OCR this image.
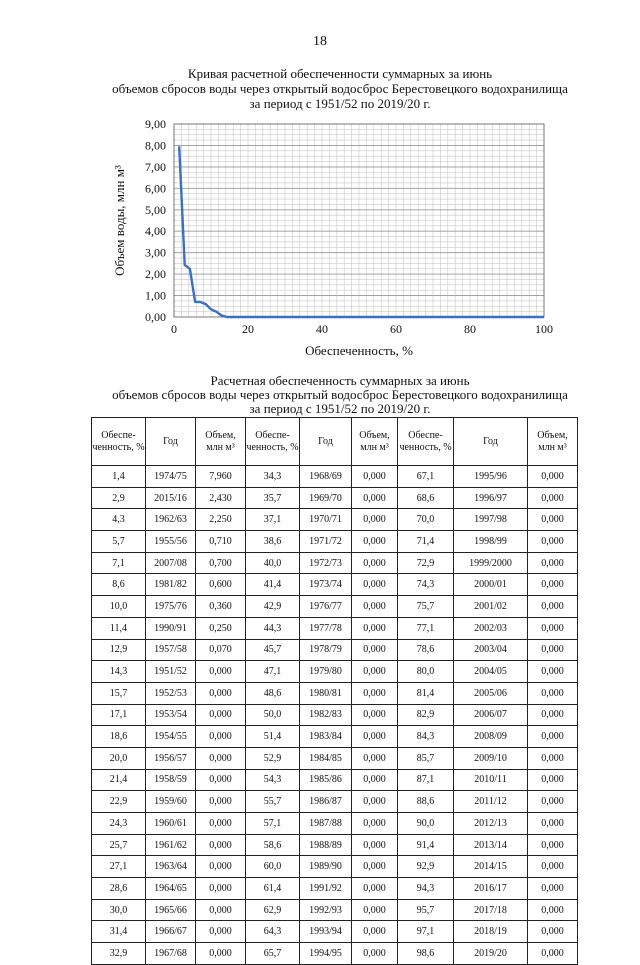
18
Кривая расчетной обеспеченности суммарных за июнь
объемов сбросов воды через открытый водосброс Берестовецкого водохранилища
за период с 1951/52 по 2019/20 г.
0,00
1,00
2,00
3,00
4,00
5,00
6,00
7,00
8,00
9,00
0	20	40	60	80	100
Обеспеченность, %
Объем воды, млн м³
Расчетная обеспеченность суммарных за июнь
объемов сбросов воды через открытый водосброс Берестовецкого водохранилища
за период с 1951/52 по 2019/20 г.
Обеспе-ченность, %	Год	Объем, млн м³	Обеспе-ченность, %	Год	Объем, млн м³	Обеспе-ченность, %	Год	Объем, млн м³
1,4	1974/75	7,960	34,3	1968/69	0,000	67,1	1995/96	0,000
2,9	2015/16	2,430	35,7	1969/70	0,000	68,6	1996/97	0,000
4,3	1962/63	2,250	37,1	1970/71	0,000	70,0	1997/98	0,000
5,7	1955/56	0,710	38,6	1971/72	0,000	71,4	1998/99	0,000
7,1	2007/08	0,700	40,0	1972/73	0,000	72,9	1999/2000	0,000
8,6	1981/82	0,600	41,4	1973/74	0,000	74,3	2000/01	0,000
10,0	1975/76	0,360	42,9	1976/77	0,000	75,7	2001/02	0,000
11,4	1990/91	0,250	44,3	1977/78	0,000	77,1	2002/03	0,000
12,9	1957/58	0,070	45,7	1978/79	0,000	78,6	2003/04	0,000
14,3	1951/52	0,000	47,1	1979/80	0,000	80,0	2004/05	0,000
15,7	1952/53	0,000	48,6	1980/81	0,000	81,4	2005/06	0,000
17,1	1953/54	0,000	50,0	1982/83	0,000	82,9	2006/07	0,000
18,6	1954/55	0,000	51,4	1983/84	0,000	84,3	2008/09	0,000
20,0	1956/57	0,000	52,9	1984/85	0,000	85,7	2009/10	0,000
21,4	1958/59	0,000	54,3	1985/86	0,000	87,1	2010/11	0,000
22,9	1959/60	0,000	55,7	1986/87	0,000	88,6	2011/12	0,000
24,3	1960/61	0,000	57,1	1987/88	0,000	90,0	2012/13	0,000
25,7	1961/62	0,000	58,6	1988/89	0,000	91,4	2013/14	0,000
27,1	1963/64	0,000	60,0	1989/90	0,000	92,9	2014/15	0,000
28,6	1964/65	0,000	61,4	1991/92	0,000	94,3	2016/17	0,000
30,0	1965/66	0,000	62,9	1992/93	0,000	95,7	2017/18	0,000
31,4	1966/67	0,000	64,3	1993/94	0,000	97,1	2018/19	0,000
32,9	1967/68	0,000	65,7	1994/95	0,000	98,6	2019/20	0,000
